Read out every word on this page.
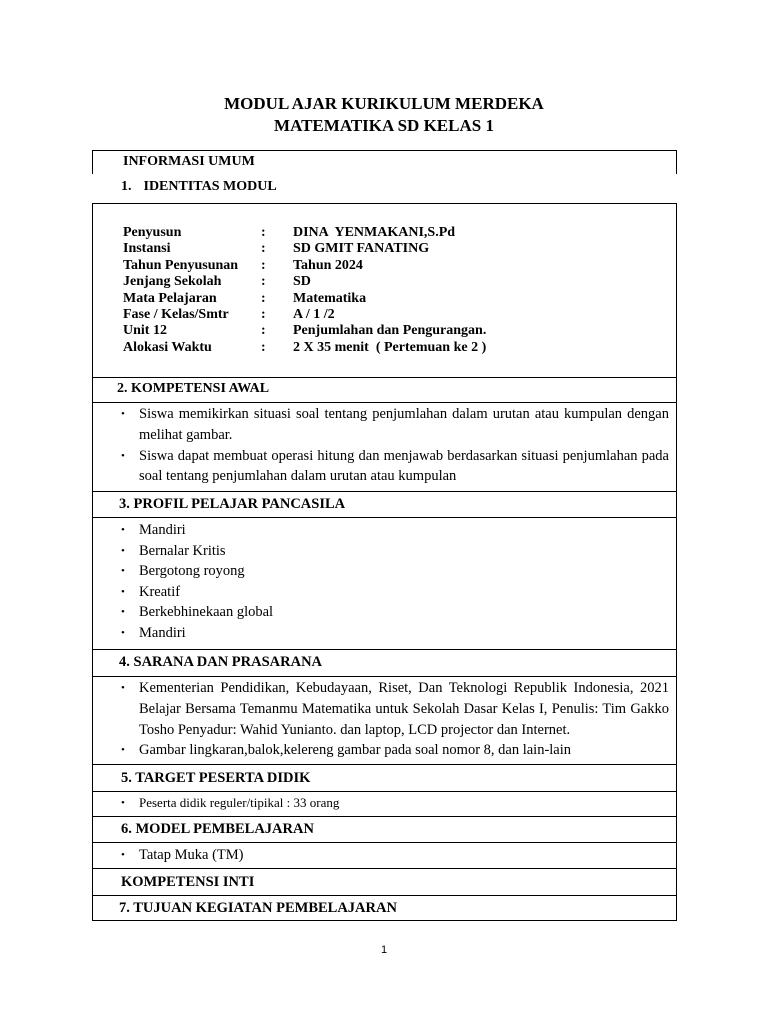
MODUL AJAR KURIKULUM MERDEKA
MATEMATIKA SD KELAS 1
INFORMASI UMUM
1. IDENTITAS MODUL
Penyusun	:	DINA  YENMAKANI,S.Pd
Instansi	:	SD GMIT FANATING
Tahun Penyusunan	:	Tahun 2024
Jenjang Sekolah	:	SD
Mata Pelajaran	:	Matematika
Fase / Kelas/Smtr	:	A / 1 /2
Unit 12	:	Penjumlahan dan Pengurangan.
Alokasi Waktu	:	2 X 35 menit  ( Pertemuan ke 2 )
2. KOMPETENSI AWAL
• Siswa memikirkan situasi soal tentang penjumlahan dalam urutan atau kumpulan dengan melihat gambar.
• Siswa dapat membuat operasi hitung dan menjawab berdasarkan situasi penjumlahan pada soal tentang penjumlahan dalam urutan atau kumpulan
3. PROFIL PELAJAR PANCASILA
• Mandiri
• Bernalar Kritis
• Bergotong royong
• Kreatif
• Berkebhinekaan global
• Mandiri
4. SARANA DAN PRASARANA
• Kementerian Pendidikan, Kebudayaan, Riset, Dan Teknologi Republik Indonesia, 2021 Belajar Bersama Temanmu Matematika untuk Sekolah Dasar Kelas I, Penulis: Tim Gakko Tosho Penyadur: Wahid Yunianto. dan laptop, LCD projector dan Internet.
• Gambar lingkaran,balok,kelereng gambar pada soal nomor 8, dan lain-lain
5. TARGET PESERTA DIDIK
• Peserta didik reguler/tipikal : 33 orang
6. MODEL PEMBELAJARAN
• Tatap Muka (TM)
KOMPETENSI INTI
7. TUJUAN KEGIATAN PEMBELAJARAN
1
